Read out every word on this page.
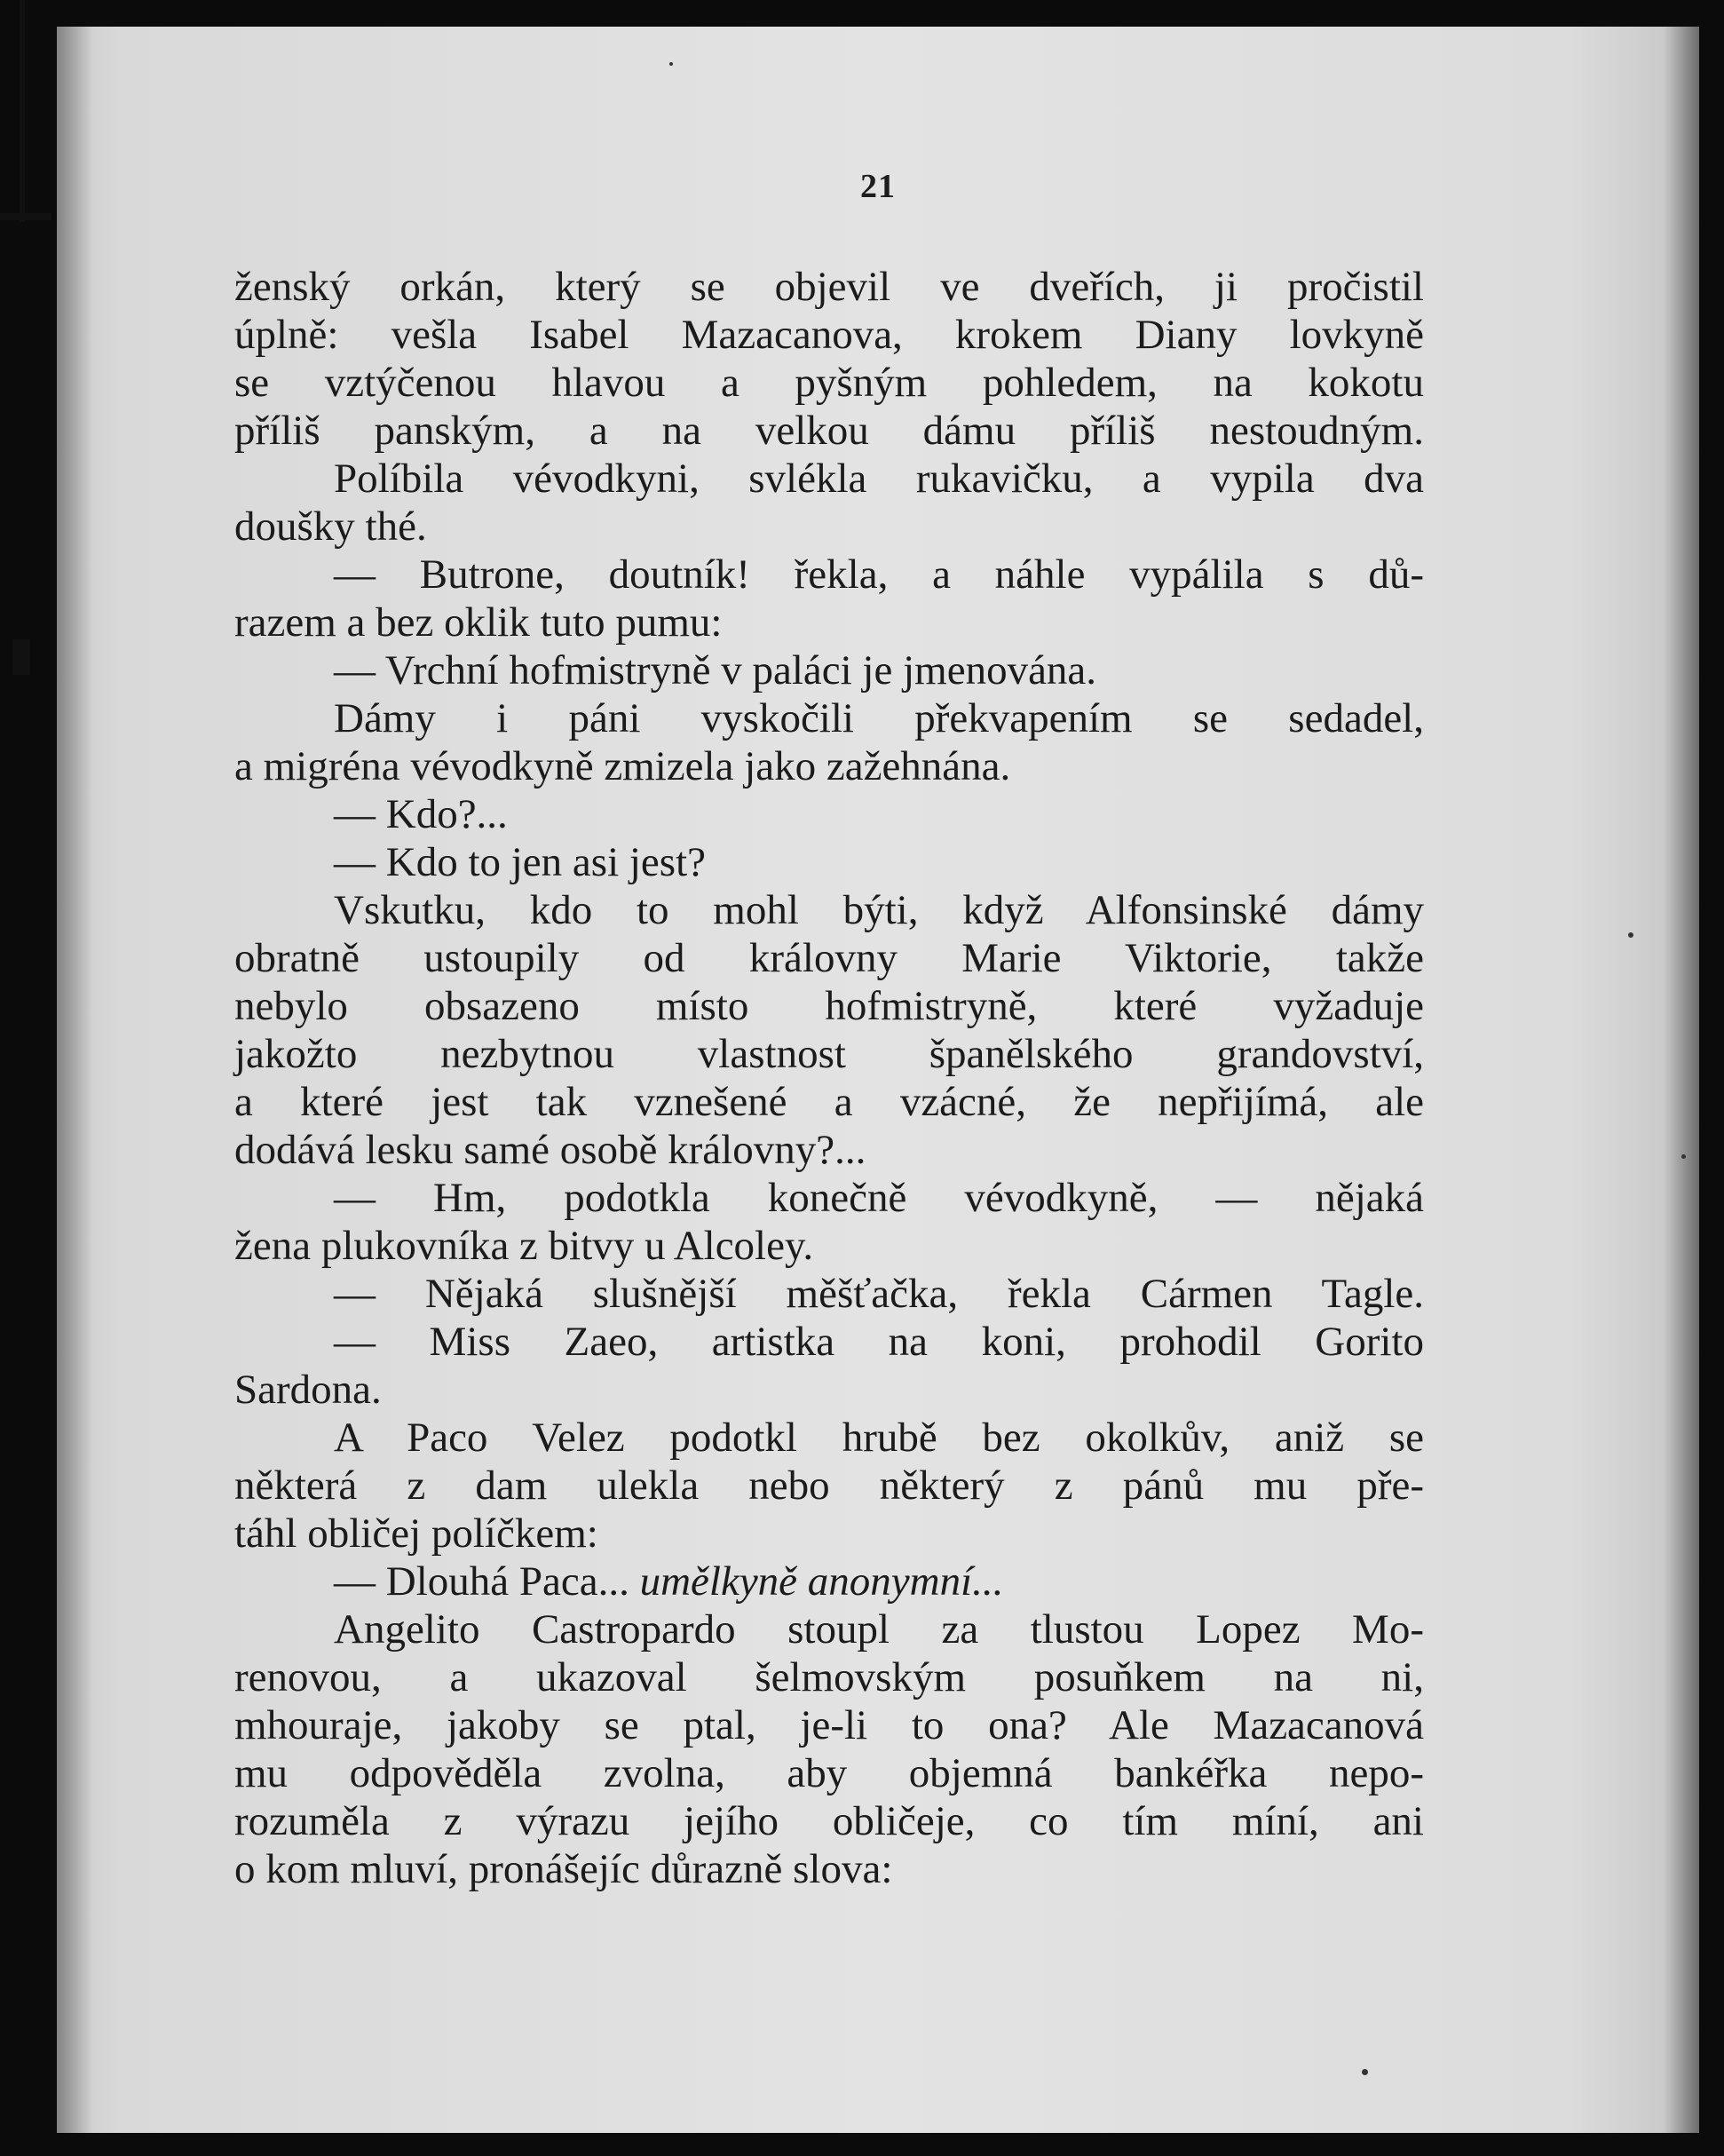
21
ženský orkán, který se objevil ve dveřích, ji pročistil
úplně: vešla Isabel Mazacanova, krokem Diany lovkyně
se vztýčenou hlavou a pyšným pohledem, na kokotu
příliš panským, a na velkou dámu příliš nestoudným.
Políbila vévodkyni, svlékla rukavičku, a vypila dva
doušky thé.
— Butrone, doutník! řekla, a náhle vypálila s dů-
razem a bez oklik tuto pumu:
— Vrchní hofmistryně v paláci je jmenována.
Dámy i páni vyskočili překvapením se sedadel,
a migréna vévodkyně zmizela jako zažehnána.
— Kdo?...
— Kdo to jen asi jest?
Vskutku, kdo to mohl býti, když Alfonsinské dámy
obratně ustoupily od královny Marie Viktorie, takže
nebylo obsazeno místo hofmistryně, které vyžaduje
jakožto nezbytnou vlastnost španělského grandovství,
a které jest tak vznešené a vzácné, že nepřijímá, ale
dodává lesku samé osobě královny?...
— Hm, podotkla konečně vévodkyně, — nějaká
žena plukovníka z bitvy u Alcoley.
— Nějaká slušnější měšťačka, řekla Cármen Tagle.
— Miss Zaeo, artistka na koni, prohodil Gorito
Sardona.
A Paco Velez podotkl hrubě bez okolkův, aniž se
některá z dam ulekla nebo některý z pánů mu pře-
táhl obličej políčkem:
— Dlouhá Paca... umělkyně anonymní...
Angelito Castropardo stoupl za tlustou Lopez Mo-
renovou, a ukazoval šelmovským posuňkem na ni,
mhouraje, jakoby se ptal, je-li to ona? Ale Mazacanová
mu odpověděla zvolna, aby objemná bankéřka nepo-
rozuměla z výrazu jejího obličeje, co tím míní, ani
o kom mluví, pronášejíc důrazně slova:
